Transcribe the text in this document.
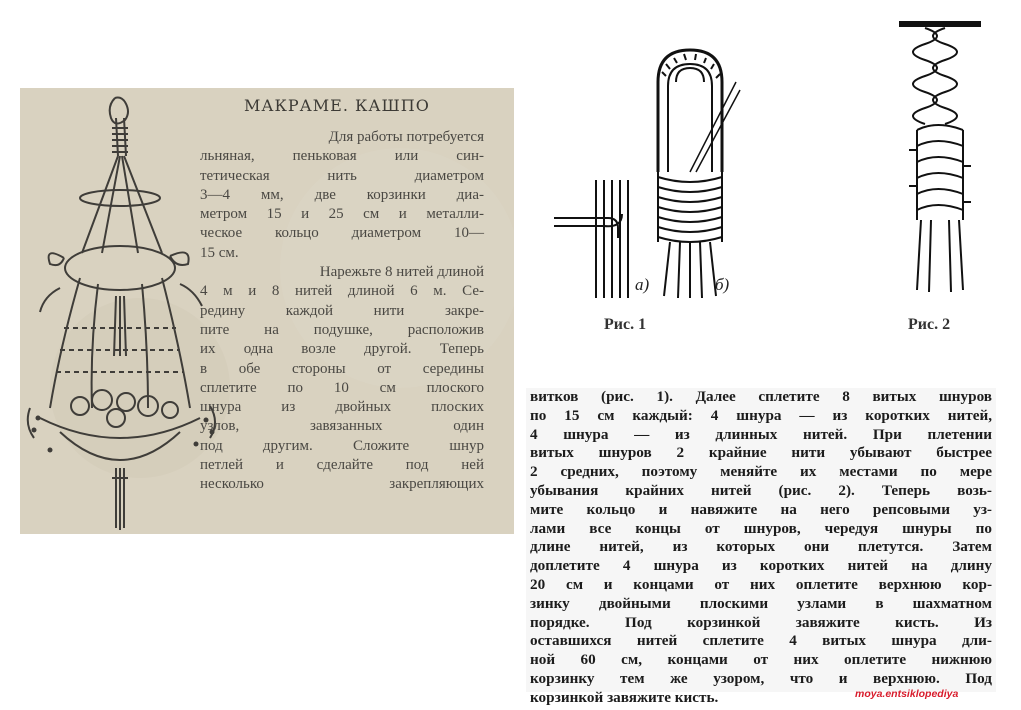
МАКРАМЕ. КАШПО
Для работы потребуется
льняная, пеньковая или син-
тетическая нить диаметром
3—4 мм, две корзинки диа-
метром 15 и 25 см и металли-
ческое кольцо диаметром 10—
15 см.
Нарежьте 8 нитей длиной
4 м и 8 нитей длиной 6 м. Се-
редину каждой нити закре-
пите на подушке, расположив
их одна возле другой. Теперь
в обе стороны от середины
сплетите по 10 см плоского
шнура из двойных плоских
узлов, завязанных один
под другим. Сложите шнур
петлей и сделайте под ней
несколько закрепляющих
а)	б)
Рис. 1	Рис. 2
витков (рис. 1). Далее сплетите 8 витых шнуров
по 15 см каждый: 4 шнура — из коротких нитей,
4 шнура — из длинных нитей. При плетении
витых шнуров 2 крайние нити убывают быстрее
2 средних, поэтому меняйте их местами по мере
убывания крайних нитей (рис. 2). Теперь возь-
мите кольцо и навяжите на него репсовыми уз-
лами все концы от шнуров, чередуя шнуры по
длине нитей, из которых они плетутся. Затем
доплетите 4 шнура из коротких нитей на длину
20 см и концами от них оплетите верхнюю кор-
зинку двойными плоскими узлами в шахматном
порядке. Под корзинкой завяжите кисть. Из
оставшихся нитей сплетите 4 витых шнура дли-
ной 60 см, концами от них оплетите нижнюю
корзинку тем же узором, что и верхнюю. Под
корзинкой завяжите кисть.	moya.entsiklopediya
